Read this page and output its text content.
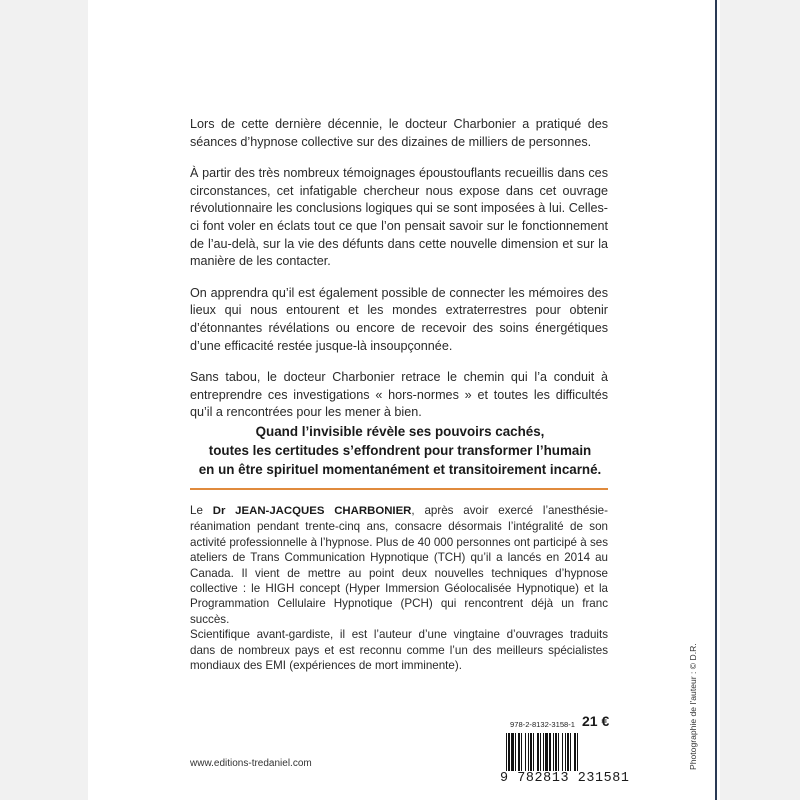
Lors de cette dernière décennie, le docteur Charbonier a pratiqué des séances d’hypnose collective sur des dizaines de milliers de personnes.

À partir des très nombreux témoignages époustouflants recueillis dans ces circonstances, cet infatigable chercheur nous expose dans cet ouvrage révolutionnaire les conclusions logiques qui se sont imposées à lui. Celles-ci font voler en éclats tout ce que l’on pensait savoir sur le fonctionnement de l’au-delà, sur la vie des défunts dans cette nouvelle dimension et sur la manière de les contacter.

On apprendra qu’il est également possible de connecter les mémoires des lieux qui nous entourent et les mondes extraterrestres pour obtenir d’étonnantes révélations ou encore de recevoir des soins énergétiques d’une efficacité restée jusque-là insoupçonnée.

Sans tabou, le docteur Charbonier retrace le chemin qui l’a conduit à entreprendre ces investigations « hors-normes » et toutes les difficultés qu’il a rencontrées pour les mener à bien.

Quand l’invisible révèle ses pouvoirs cachés,
toutes les certitudes s’effondrent pour transformer l’humain
en un être spirituel momentanément et transitoirement incarné.
Le Dr JEAN-JACQUES CHARBONIER, après avoir exercé l’anesthésie-réanimation pendant trente-cinq ans, consacre désormais l’intégralité de son activité professionnelle à l’hypnose. Plus de 40 000 personnes ont participé à ses ateliers de Trans Communication Hypnotique (TCH) qu’il a lancés en 2014 au Canada. Il vient de mettre au point deux nouvelles techniques d’hypnose collective : le HIGH concept (Hyper Immersion Géolocalisée Hypnotique) et la Programmation Cellulaire Hypnotique (PCH) qui rencontrent déjà un franc succès.
Scientifique avant-gardiste, il est l’auteur d’une vingtaine d’ouvrages traduits dans de nombreux pays et est reconnu comme l’un des meilleurs spécialistes mondiaux des EMI (expériences de mort imminente).
978-2-8132-3158-1 21 €
9 782813 231581
www.editions-tredaniel.com	Photographie de l’auteur : © D.R.
